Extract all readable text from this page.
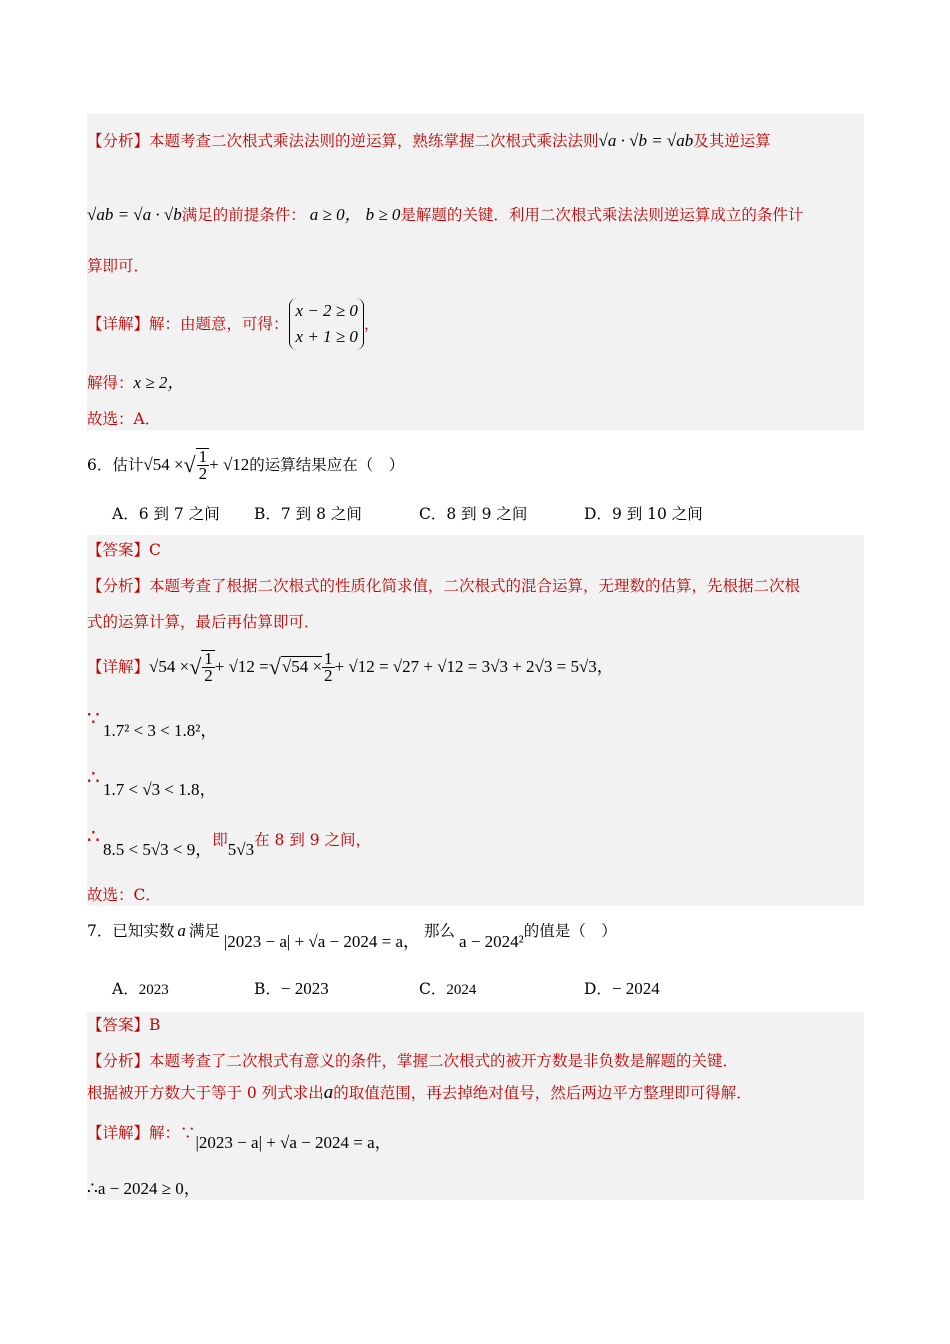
【分析】本题考查二次根式乘法法则的逆运算，熟练掌握二次根式乘法法则√a · √b = √ab及其逆运算
√ab = √a · √b满足的前提条件： a ≥ 0， b ≥ 0是解题的关键．利用二次根式乘法法则逆运算成立的条件计
算即可．
【详解】解：由题意，可得：
x − 2 ≥ 0
x + 1 ≥ 0
，
解得：x ≥ 2，
故选：A．
6．估计√54 ×√ $\frac{1}{2} + √12$的运算结果应在（　）
A．6 到 7 之间 B．7 到 8 之间	C．8 到 9 之间	D．9 到 10 之间
【答案】C
【分析】本题考查了根据二次根式的性质化简求值，二次根式的混合运算，无理数的估算，先根据二次根
式的运算计算，最后再估算即可．
【详解】√54 ×√ $\frac{1}{2} + √12 =√√54 \times \frac{1}{2} + √12 = √27 + √12 = 3√3 + 2√3 = 5√3$，
∵
1.7² < 3 < 1.8²，
∴
1.7 < √3 < 1.8，
∴
8.5 < 5√3 < 9，即5√3在 8 到 9 之间，
故选：C．
7．已知实数 a 满足|2023 − a| + √a − 2024 = a，那么a − 2024²的值是（　）
A．2023	B．− 2023	C．2024	D．− 2024
【答案】B
【分析】本题考查了二次根式有意义的条件，掌握二次根式的被开方数是非负数是解题的关键．
根据被开方数大于等于 0 列式求出a的取值范围，再去掉绝对值号，然后两边平方整理即可得解．
【详解】解：∵|2023 − a| + √a − 2024 = a，
∴a − 2024 ≥ 0，
